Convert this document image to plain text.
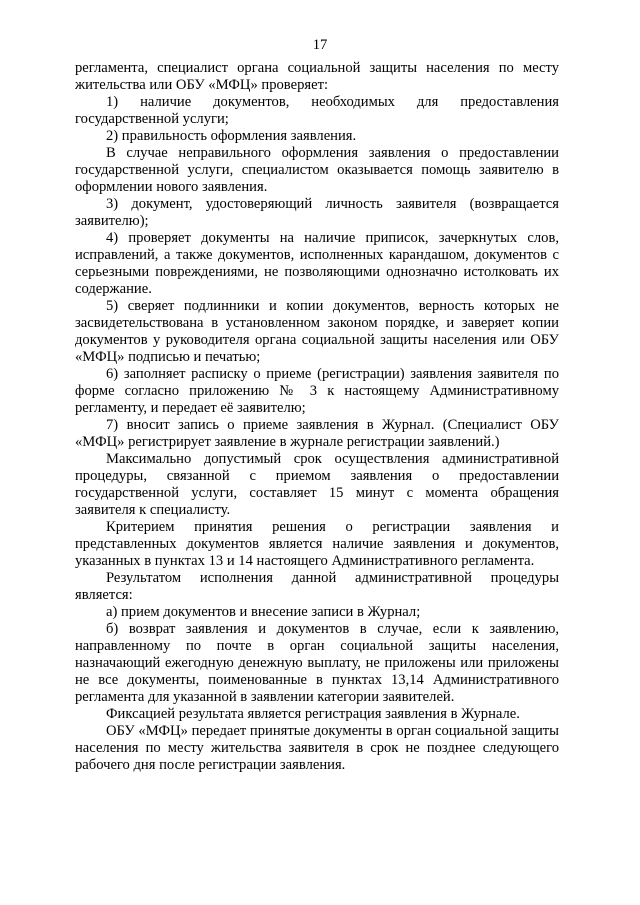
17

регламента, специалист органа социальной защиты населения по месту жительства или ОБУ «МФЦ» проверяет:

1) наличие документов, необходимых для предоставления государственной услуги;

2) правильность оформления заявления.

В случае неправильного оформления заявления о предоставлении государственной услуги, специалистом оказывается помощь заявителю в оформлении нового заявления.

3) документ, удостоверяющий личность заявителя (возвращается заявителю);

4) проверяет документы на наличие приписок, зачеркнутых слов, исправлений, а также документов, исполненных карандашом, документов с серьезными повреждениями, не позволяющими однозначно истолковать их содержание.

5) сверяет подлинники и копии документов, верность которых не засвидетельствована в установленном законом порядке, и заверяет копии документов у руководителя органа социальной защиты населения или ОБУ «МФЦ» подписью и печатью;

6) заполняет расписку о приеме (регистрации) заявления заявителя по форме согласно приложению № 3 к настоящему Административному регламенту, и передает её заявителю;

7) вносит запись о приеме заявления в Журнал. (Специалист ОБУ «МФЦ» регистрирует заявление в журнале регистрации заявлений.)

Максимально допустимый срок осуществления административной процедуры, связанной с приемом заявления о предоставлении государственной услуги, составляет 15 минут с момента обращения заявителя к специалисту.

Критерием принятия решения о регистрации заявления и представленных документов является наличие заявления и документов, указанных в пунктах 13 и 14 настоящего Административного регламента.

Результатом исполнения данной административной процедуры является:

а) прием документов и внесение записи в Журнал;

б) возврат заявления и документов в случае, если к заявлению, направленному по почте в орган социальной защиты населения, назначающий ежегодную денежную выплату, не приложены или приложены не все документы, поименованные в пунктах 13,14 Административного регламента для указанной в заявлении категории заявителей.

Фиксацией результата является регистрация заявления в Журнале.

ОБУ «МФЦ» передает принятые документы в орган социальной защиты населения по месту жительства заявителя в срок не позднее следующего рабочего дня после регистрации заявления.
